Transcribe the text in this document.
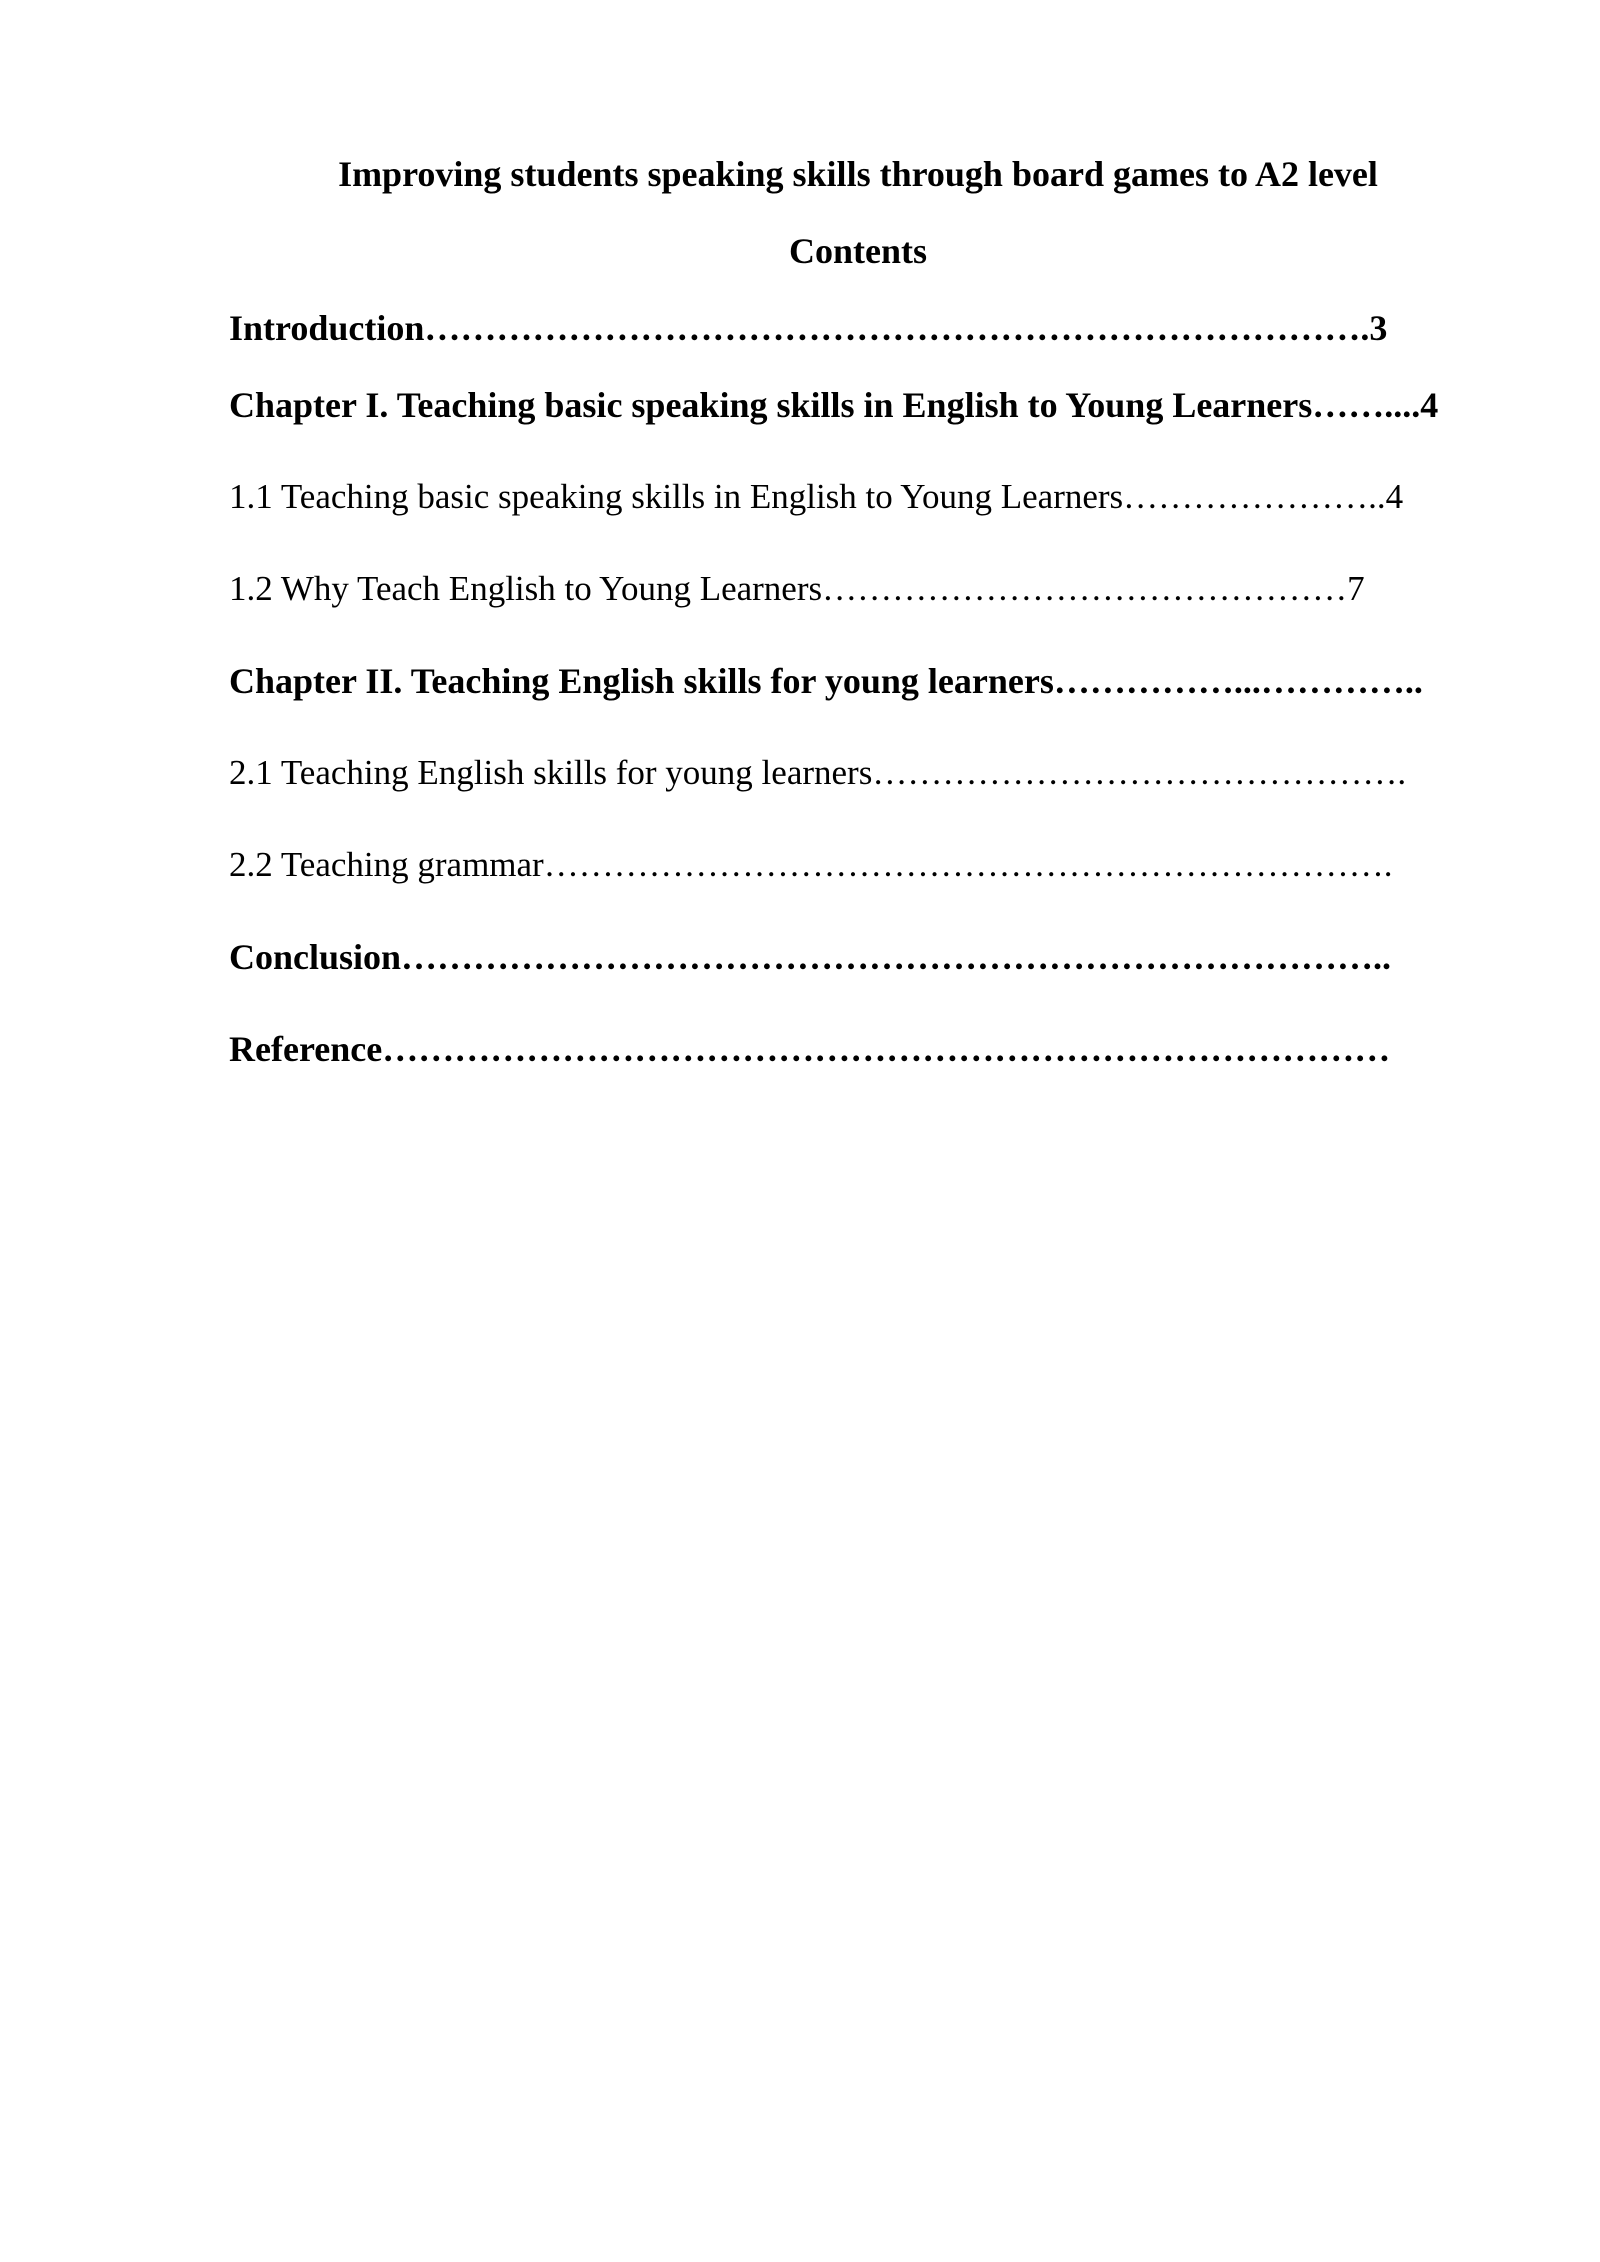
Improving students speaking skills through board games to A2 level
Contents
Introduction…………………………………………………………………….3
Chapter I. Teaching basic speaking skills in English to Young Learners……....4
1.1 Teaching basic speaking skills in English to Young Learners…………………..4
1.2 Why Teach English to Young Learners………………………………………7
Chapter II. Teaching English skills for young learners……………...…………..
2.1 Teaching English skills for young learners……………………………………….
2.2 Teaching grammar……………………………………………………………….
Conclusion………………………………………………………………………..
Reference…………………………………………………………………………
